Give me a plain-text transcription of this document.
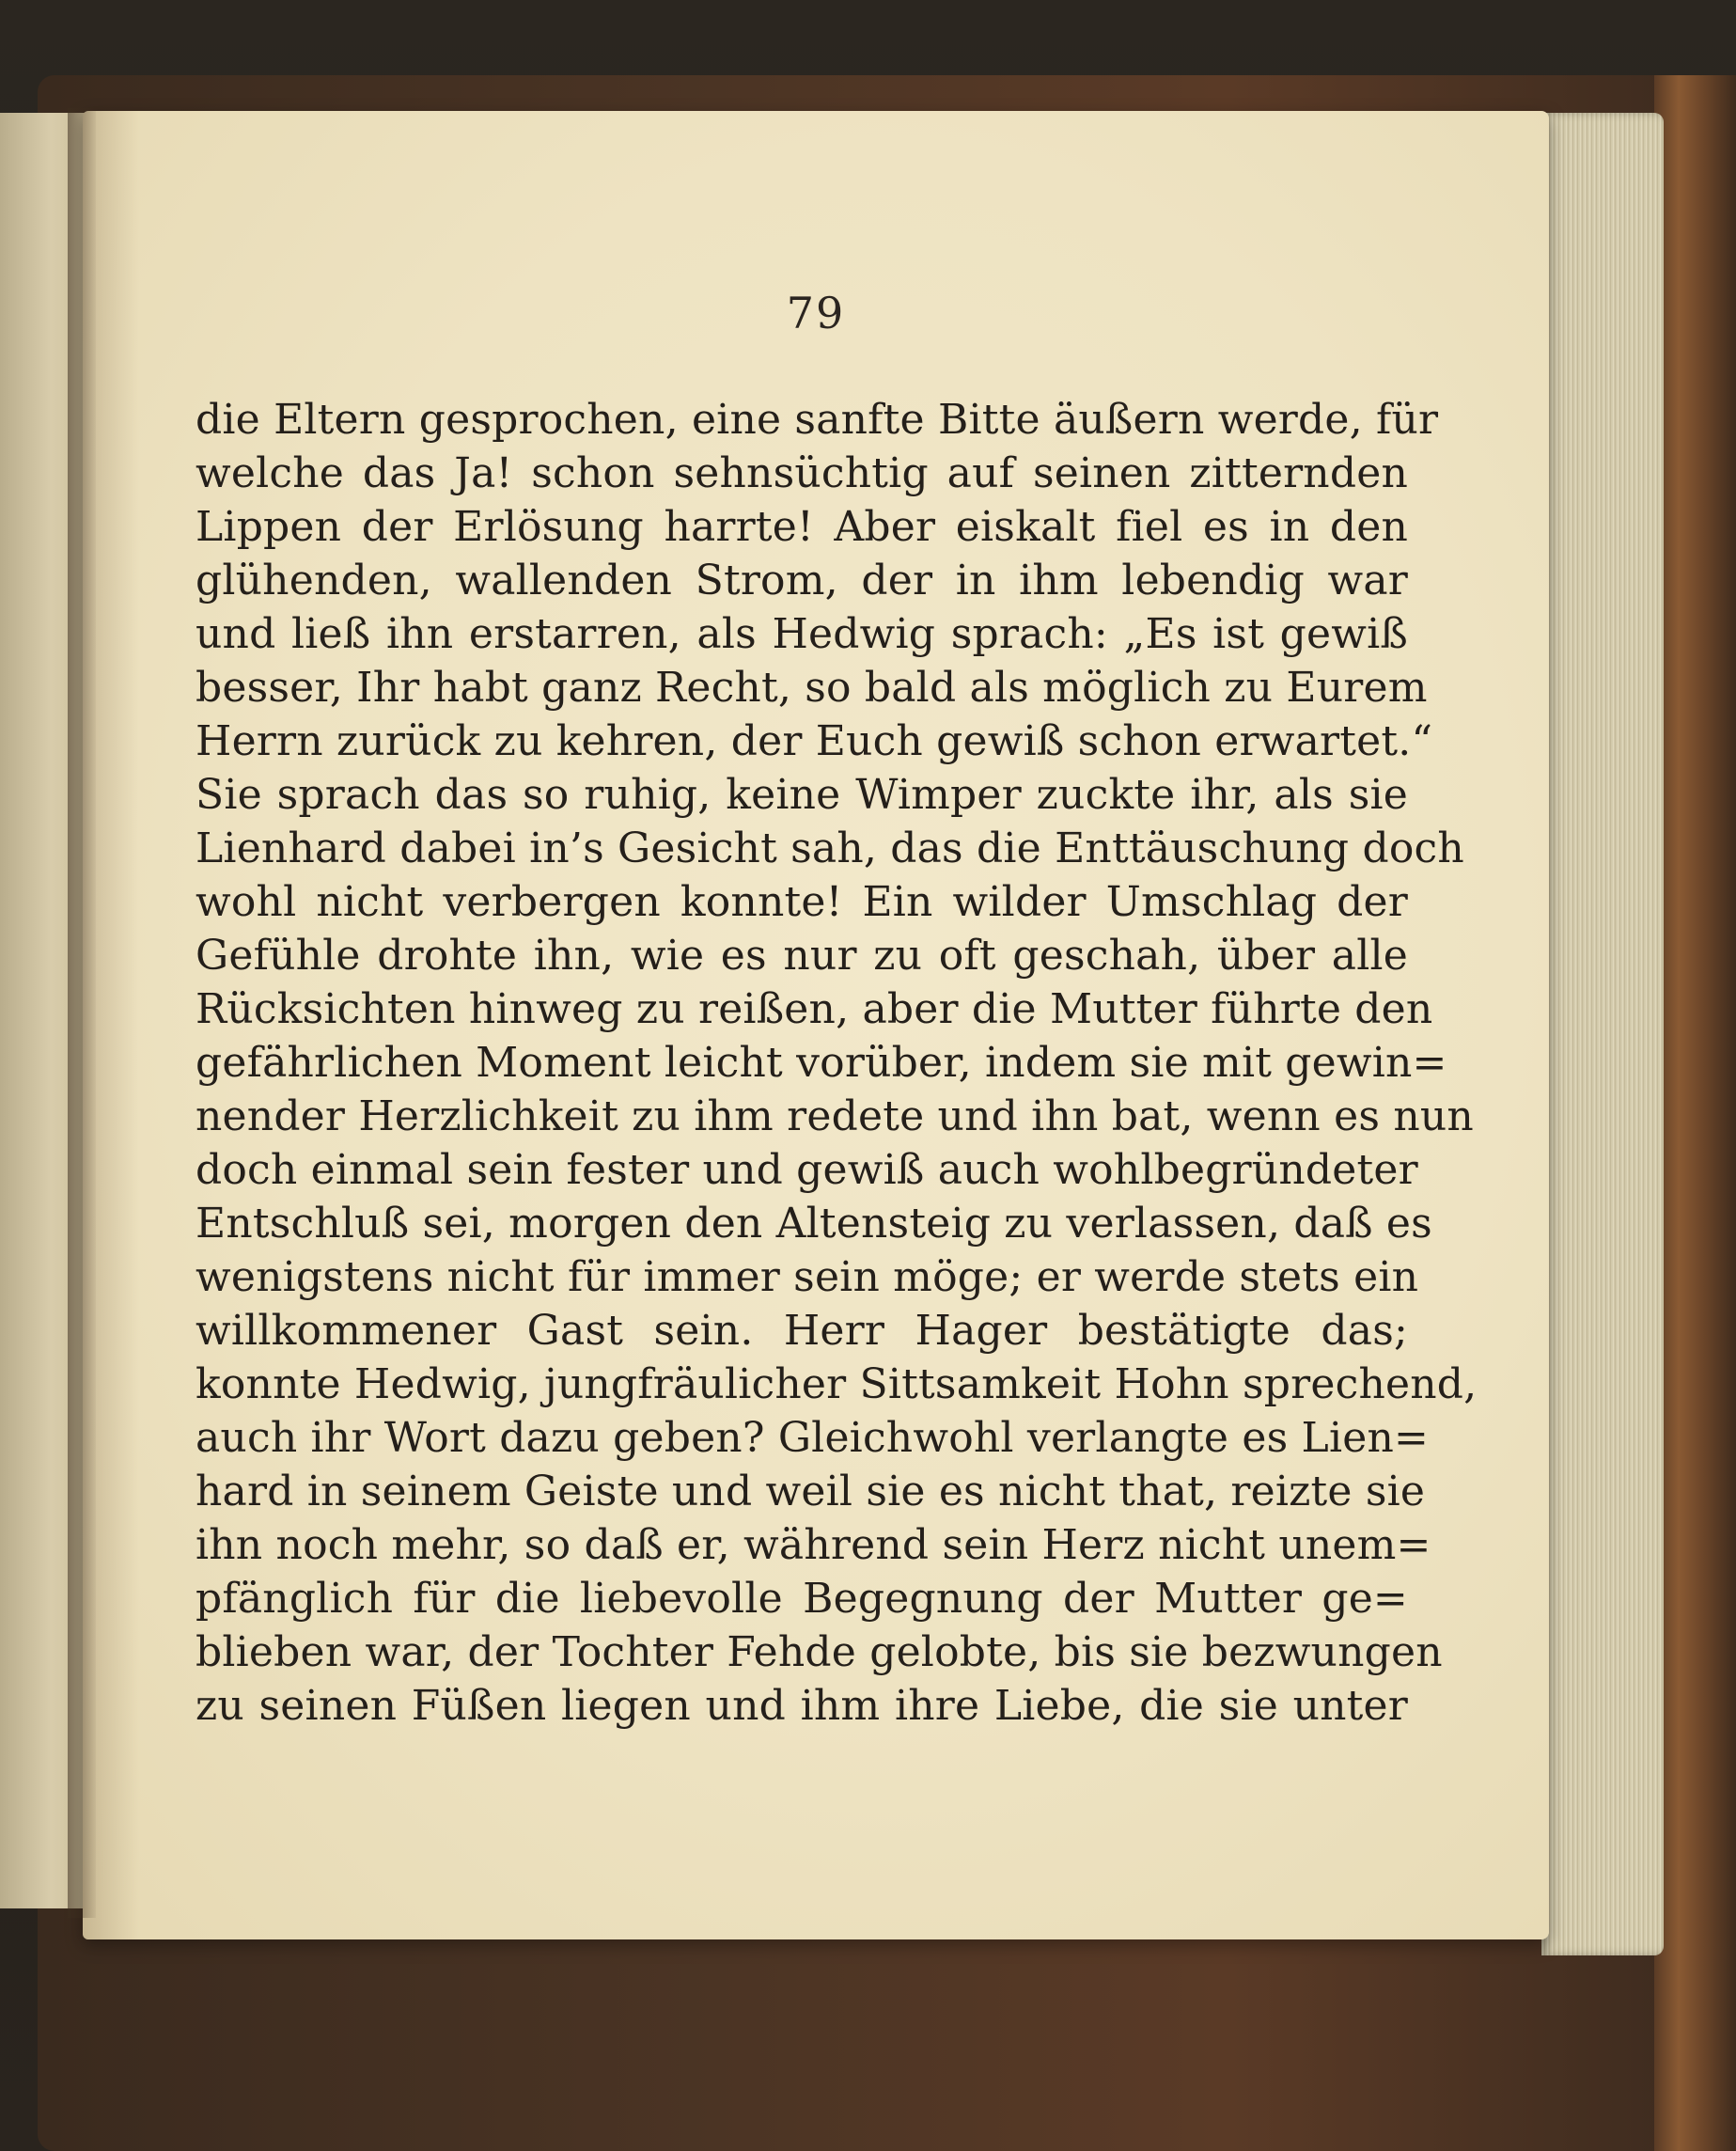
79
die Eltern gesprochen, eine sanfte Bitte äußern werde, für
welche das Ja! schon sehnsüchtig auf seinen zitternden
Lippen der Erlösung harrte! Aber eiskalt fiel es in den
glühenden, wallenden Strom, der in ihm lebendig war
und ließ ihn erstarren, als Hedwig sprach: „Es ist gewiß
besser, Ihr habt ganz Recht, so bald als möglich zu Eurem
Herrn zurück zu kehren, der Euch gewiß schon erwartet.“
Sie sprach das so ruhig, keine Wimper zuckte ihr, als sie
Lienhard dabei in’s Gesicht sah, das die Enttäuschung doch
wohl nicht verbergen konnte! Ein wilder Umschlag der
Gefühle drohte ihn, wie es nur zu oft geschah, über alle
Rücksichten hinweg zu reißen, aber die Mutter führte den
gefährlichen Moment leicht vorüber, indem sie mit gewin=
nender Herzlichkeit zu ihm redete und ihn bat, wenn es nun
doch einmal sein fester und gewiß auch wohlbegründeter
Entschluß sei, morgen den Altensteig zu verlassen, daß es
wenigstens nicht für immer sein möge; er werde stets ein
willkommener Gast sein. Herr Hager bestätigte das;
konnte Hedwig, jungfräulicher Sittsamkeit Hohn sprechend,
auch ihr Wort dazu geben? Gleichwohl verlangte es Lien=
hard in seinem Geiste und weil sie es nicht that, reizte sie
ihn noch mehr, so daß er, während sein Herz nicht unem=
pfänglich für die liebevolle Begegnung der Mutter ge=
blieben war, der Tochter Fehde gelobte, bis sie bezwungen
zu seinen Füßen liegen und ihm ihre Liebe, die sie unter
